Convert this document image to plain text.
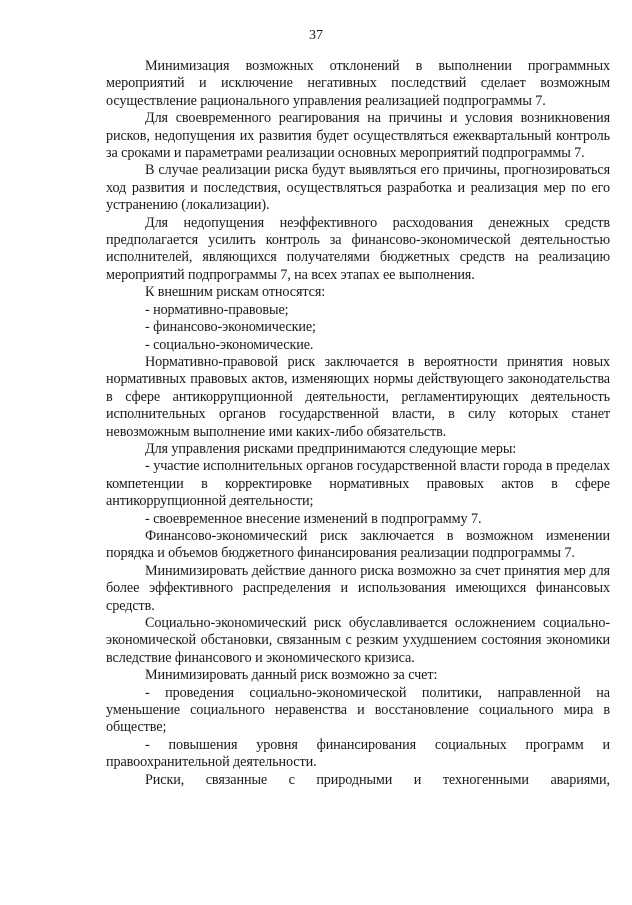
37

Минимизация возможных отклонений в выполнении программных мероприятий и исключение негативных последствий сделает возможным осуществление рационального управления реализацией подпрограммы 7.

Для своевременного реагирования на причины и условия возникновения рисков, недопущения их развития будет осуществляться ежеквартальный контроль за сроками и параметрами реализации основных мероприятий подпрограммы 7.

В случае реализации риска будут выявляться его причины, прогнозироваться ход развития и последствия, осуществляться разработка и реализация мер по его устранению (локализации).

Для недопущения неэффективного расходования денежных средств предполагается усилить контроль за финансово-экономической деятельностью исполнителей, являющихся получателями бюджетных средств на реализацию мероприятий подпрограммы 7, на всех этапах ее выполнения.

К внешним рискам относятся:

- нормативно-правовые;

- финансово-экономические;

- социально-экономические.

Нормативно-правовой риск заключается в вероятности принятия новых нормативных правовых актов, изменяющих нормы действующего законодательства в сфере антикоррупционной деятельности, регламентирующих деятельность исполнительных органов государственной власти, в силу которых станет невозможным выполнение ими каких-либо обязательств.

Для управления рисками предпринимаются следующие меры:

- участие исполнительных органов государственной власти города в пределах компетенции в корректировке нормативных правовых актов в сфере антикоррупционной деятельности;

- своевременное внесение изменений в подпрограмму 7.

Финансово-экономический риск заключается в возможном изменении порядка и объемов бюджетного финансирования реализации подпрограммы 7.

Минимизировать действие данного риска возможно за счет принятия мер для более эффективного распределения и использования имеющихся финансовых средств.

Социально-экономический риск обуславливается осложнением социально-экономической обстановки, связанным с резким ухудшением состояния экономики вследствие финансового и экономического кризиса.

Минимизировать данный риск возможно за счет:

- проведения социально-экономической политики, направленной на уменьшение социального неравенства и восстановление социального мира в обществе;

- повышения уровня финансирования социальных программ и правоохранительной деятельности.

Риски, связанные с природными и техногенными авариями,
